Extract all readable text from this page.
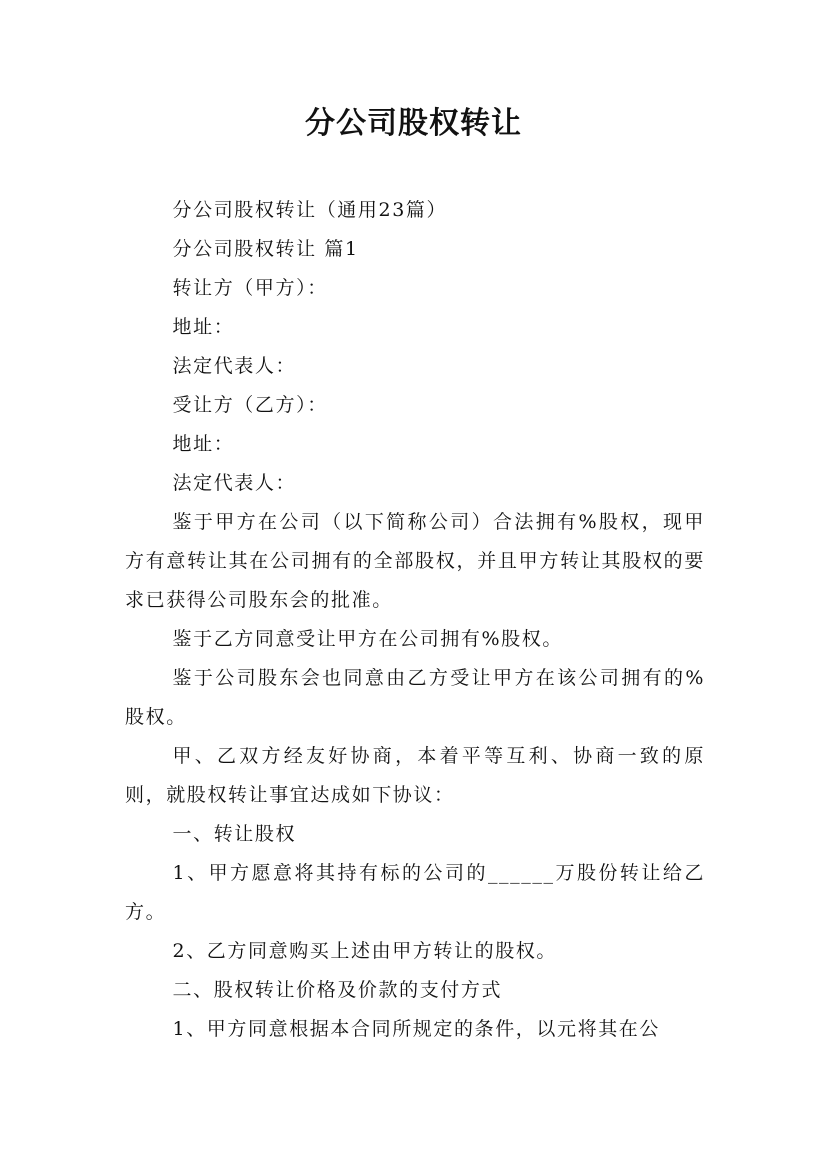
分公司股权转让

分公司股权转让（通用23篇）

分公司股权转让 篇1

转让方（甲方）：

地址：

法定代表人：

受让方（乙方）：

地址：

法定代表人：

鉴于甲方在公司（以下简称公司）合法拥有%股权，现甲方有意转让其在公司拥有的全部股权，并且甲方转让其股权的要求已获得公司股东会的批准。

鉴于乙方同意受让甲方在公司拥有%股权。

鉴于公司股东会也同意由乙方受让甲方在该公司拥有的%股权。

甲、乙双方经友好协商，本着平等互利、协商一致的原则，就股权转让事宜达成如下协议：

一、转让股权

1、甲方愿意将其持有标的公司的______万股份转让给乙方。

2、乙方同意购买上述由甲方转让的股权。

二、股权转让价格及价款的支付方式

1、甲方同意根据本合同所规定的条件，以元将其在公
